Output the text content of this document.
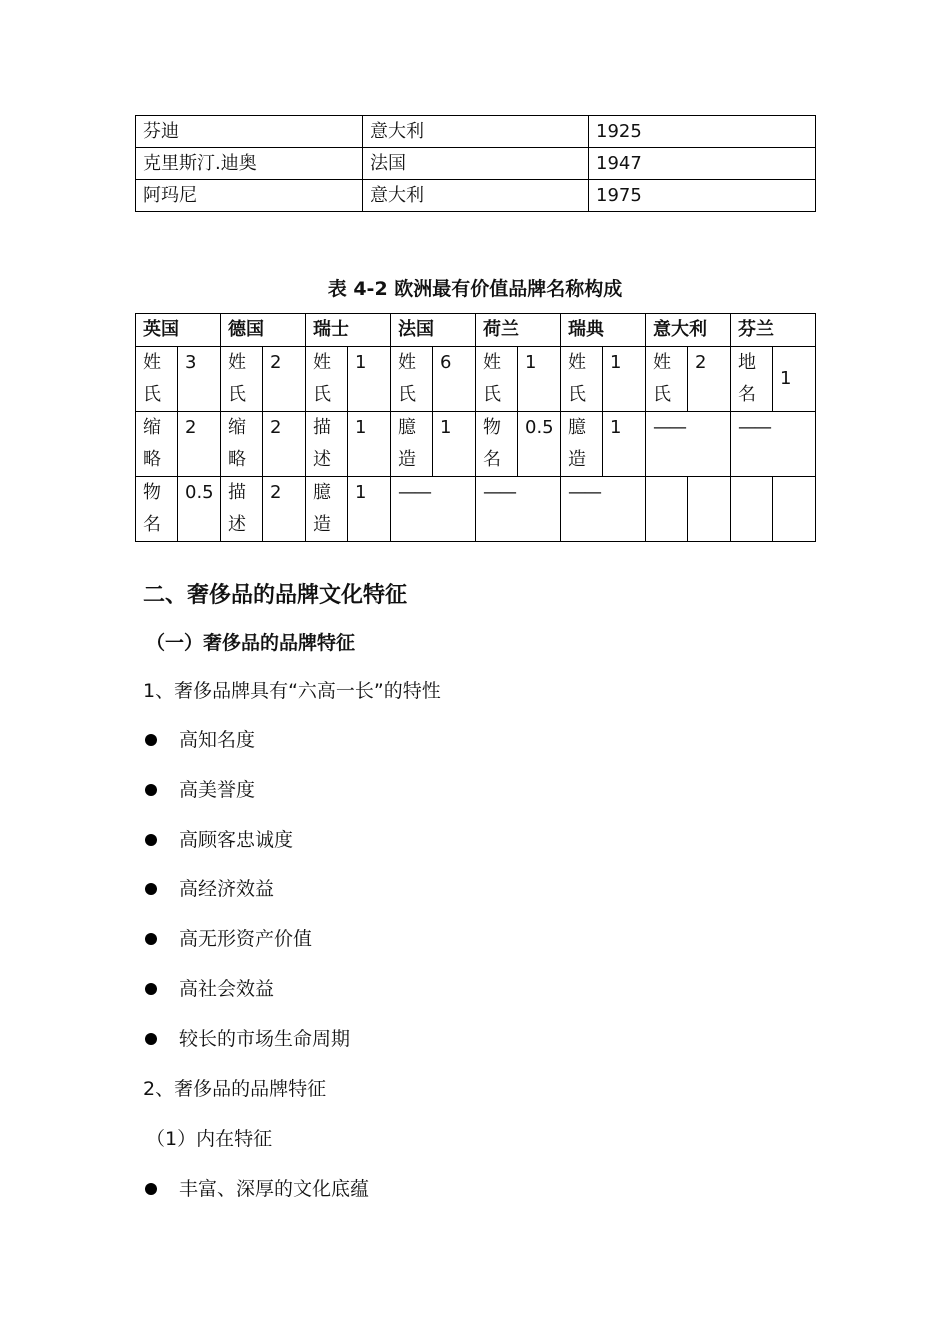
芬迪	意大利	1925
克里斯汀.迪奥	法国	1947
阿玛尼	意大利	1975
表 4-2 欧洲最有价值品牌名称构成
英国		德国		瑞士		法国		荷兰		瑞典		意大利		芬兰	
姓氏	3	姓氏	2	姓氏	1	姓氏	6	姓氏	1	姓氏	1	姓氏	2	地名	1
缩略	2	缩略	2	描述	1	臆造	1	物名	0.5	臆造	1	——		——	
物名	0.5	描述	2	臆造	1	——		——		——					
二、奢侈品的品牌文化特征
（一）奢侈品的品牌特征
1、奢侈品牌具有“六高一长”的特性
高知名度
高美誉度
高顾客忠诚度
高经济效益
高无形资产价值
高社会效益
较长的市场生命周期
2、奢侈品的品牌特征
（1）内在特征
丰富、深厚的文化底蕴
